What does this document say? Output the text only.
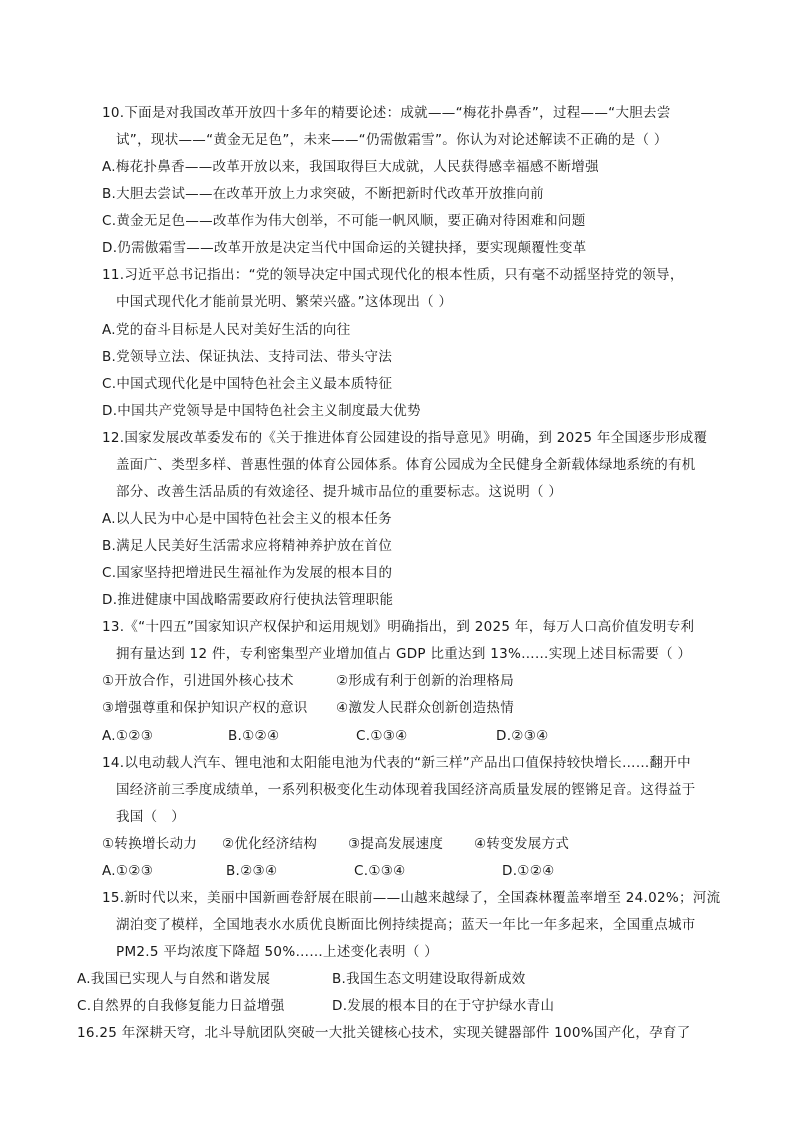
10.下面是对我国改革开放四十多年的精要论述：成就——“梅花扑鼻香”，过程——“大胆去尝
试”，现状——“黄金无足色”，未来——“仍需傲霜雪”。你认为对论述解读不正确的是（ ）
A.梅花扑鼻香——改革开放以来，我国取得巨大成就，人民获得感幸福感不断增强
B.大胆去尝试——在改革开放上力求突破，不断把新时代改革开放推向前
C.黄金无足色——改革作为伟大创举，不可能一帆风顺，要正确对待困难和问题
D.仍需傲霜雪——改革开放是决定当代中国命运的关键抉择，要实现颠覆性变革
11.习近平总书记指出：“党的领导决定中国式现代化的根本性质，只有毫不动摇坚持党的领导，
中国式现代化才能前景光明、繁荣兴盛。”这体现出（ ）
A.党的奋斗目标是人民对美好生活的向往
B.党领导立法、保证执法、支持司法、带头守法
C.中国式现代化是中国特色社会主义最本质特征
D.中国共产党领导是中国特色社会主义制度最大优势
12.国家发展改革委发布的《关于推进体育公园建设的指导意见》明确，到 2025 年全国逐步形成覆
盖面广、类型多样、普惠性强的体育公园体系。体育公园成为全民健身全新载体绿地系统的有机
部分、改善生活品质的有效途径、提升城市品位的重要标志。这说明（ ）
A.以人民为中心是中国特色社会主义的根本任务
B.满足人民美好生活需求应将精神养护放在首位
C.国家坚持把增进民生福祉作为发展的根本目的
D.推进健康中国战略需要政府行使执法管理职能
13.《“十四五”国家知识产权保护和运用规划》明确指出，到 2025 年，每万人口高价值发明专利
拥有量达到 12 件，专利密集型产业增加值占 GDP 比重达到 13%……实现上述目标需要（ ）
①开放合作，引进国外核心技术	②形成有利于创新的治理格局
③增强尊重和保护知识产权的意识 ④激发人民群众创新创造热情
A.①②③	B.①②④	C.①③④	D.②③④
14.以电动载人汽车、锂电池和太阳能电池为代表的“新三样”产品出口值保持较快增长……翻开中
国经济前三季度成绩单，一系列积极变化生动体现着我国经济高质量发展的铿锵足音。这得益于
我国（　）
①转换增长动力 ②优化经济结构 ③提高发展速度 ④转变发展方式
A.①②③	B.②③④	C.①③④	D.①②④
15.新时代以来，美丽中国新画卷舒展在眼前——山越来越绿了，全国森林覆盖率增至 24.02%；河流
湖泊变了模样，全国地表水水质优良断面比例持续提高；蓝天一年比一年多起来，全国重点城市
PM2.5 平均浓度下降超 50%……上述变化表明（ ）
A.我国已实现人与自然和谐发展	B.我国生态文明建设取得新成效
C.自然界的自我修复能力日益增强	D.发展的根本目的在于守护绿水青山
16.25 年深耕天穹，北斗导航团队突破一大批关键核心技术，实现关键器部件 100%国产化，孕育了
